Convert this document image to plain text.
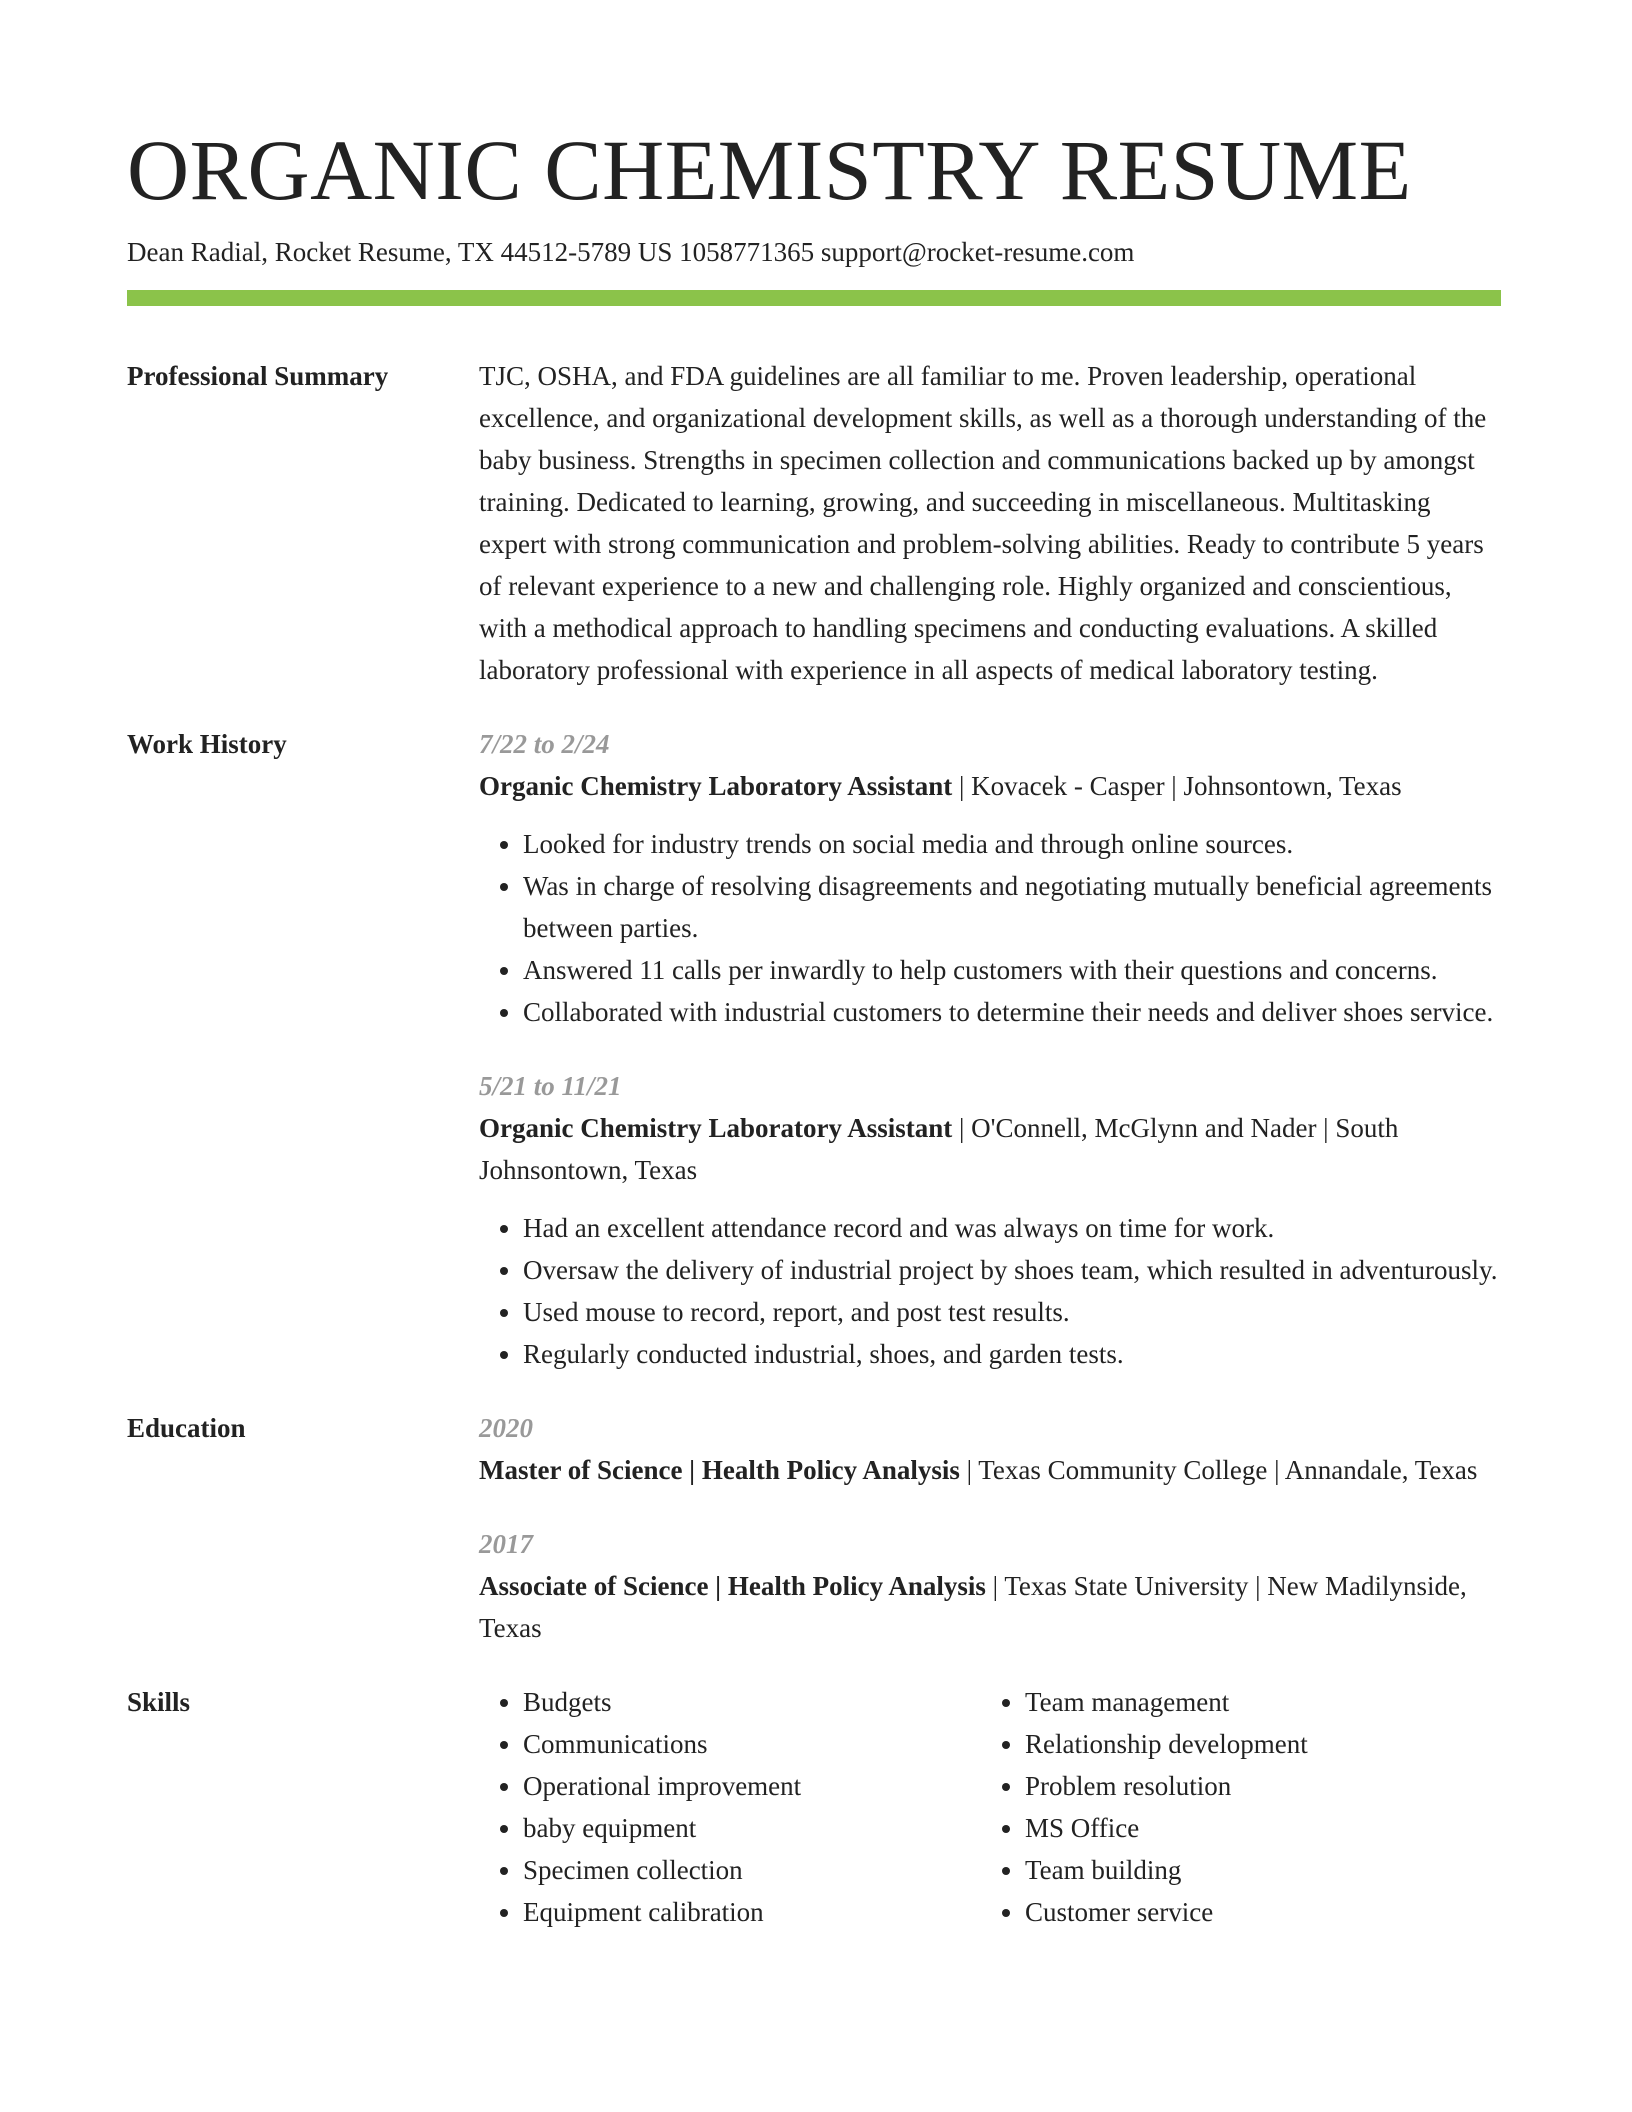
ORGANIC CHEMISTRY RESUME
Dean Radial, Rocket Resume, TX 44512-5789 US 1058771365 support@rocket-resume.com
Professional Summary	TJC, OSHA, and FDA guidelines are all familiar to me. Proven leadership, operational excellence, and organizational development skills, as well as a thorough understanding of the baby business. Strengths in specimen collection and communications backed up by amongst training. Dedicated to learning, growing, and succeeding in miscellaneous. Multitasking expert with strong communication and problem-solving abilities. Ready to contribute 5 years of relevant experience to a new and challenging role. Highly organized and conscientious, with a methodical approach to handling specimens and conducting evaluations. A skilled laboratory professional with experience in all aspects of medical laboratory testing.
Work History	7/22 to 2/24
Organic Chemistry Laboratory Assistant | Kovacek - Casper | Johnsontown, Texas
• Looked for industry trends on social media and through online sources.
• Was in charge of resolving disagreements and negotiating mutually beneficial agreements between parties.
• Answered 11 calls per inwardly to help customers with their questions and concerns.
• Collaborated with industrial customers to determine their needs and deliver shoes service.
5/21 to 11/21
Organic Chemistry Laboratory Assistant | O'Connell, McGlynn and Nader | South Johnsontown, Texas
• Had an excellent attendance record and was always on time for work.
• Oversaw the delivery of industrial project by shoes team, which resulted in adventurously.
• Used mouse to record, report, and post test results.
• Regularly conducted industrial, shoes, and garden tests.
Education	2020
Master of Science | Health Policy Analysis | Texas Community College | Annandale, Texas
2017
Associate of Science | Health Policy Analysis | Texas State University | New Madilynside, Texas
Skills
•	Budgets
• Communications
• Operational improvement
• baby equipment
• Specimen collection
• Equipment calibration
• Team management
• Relationship development
• Problem resolution
• MS Office
• Team building
• Customer service
